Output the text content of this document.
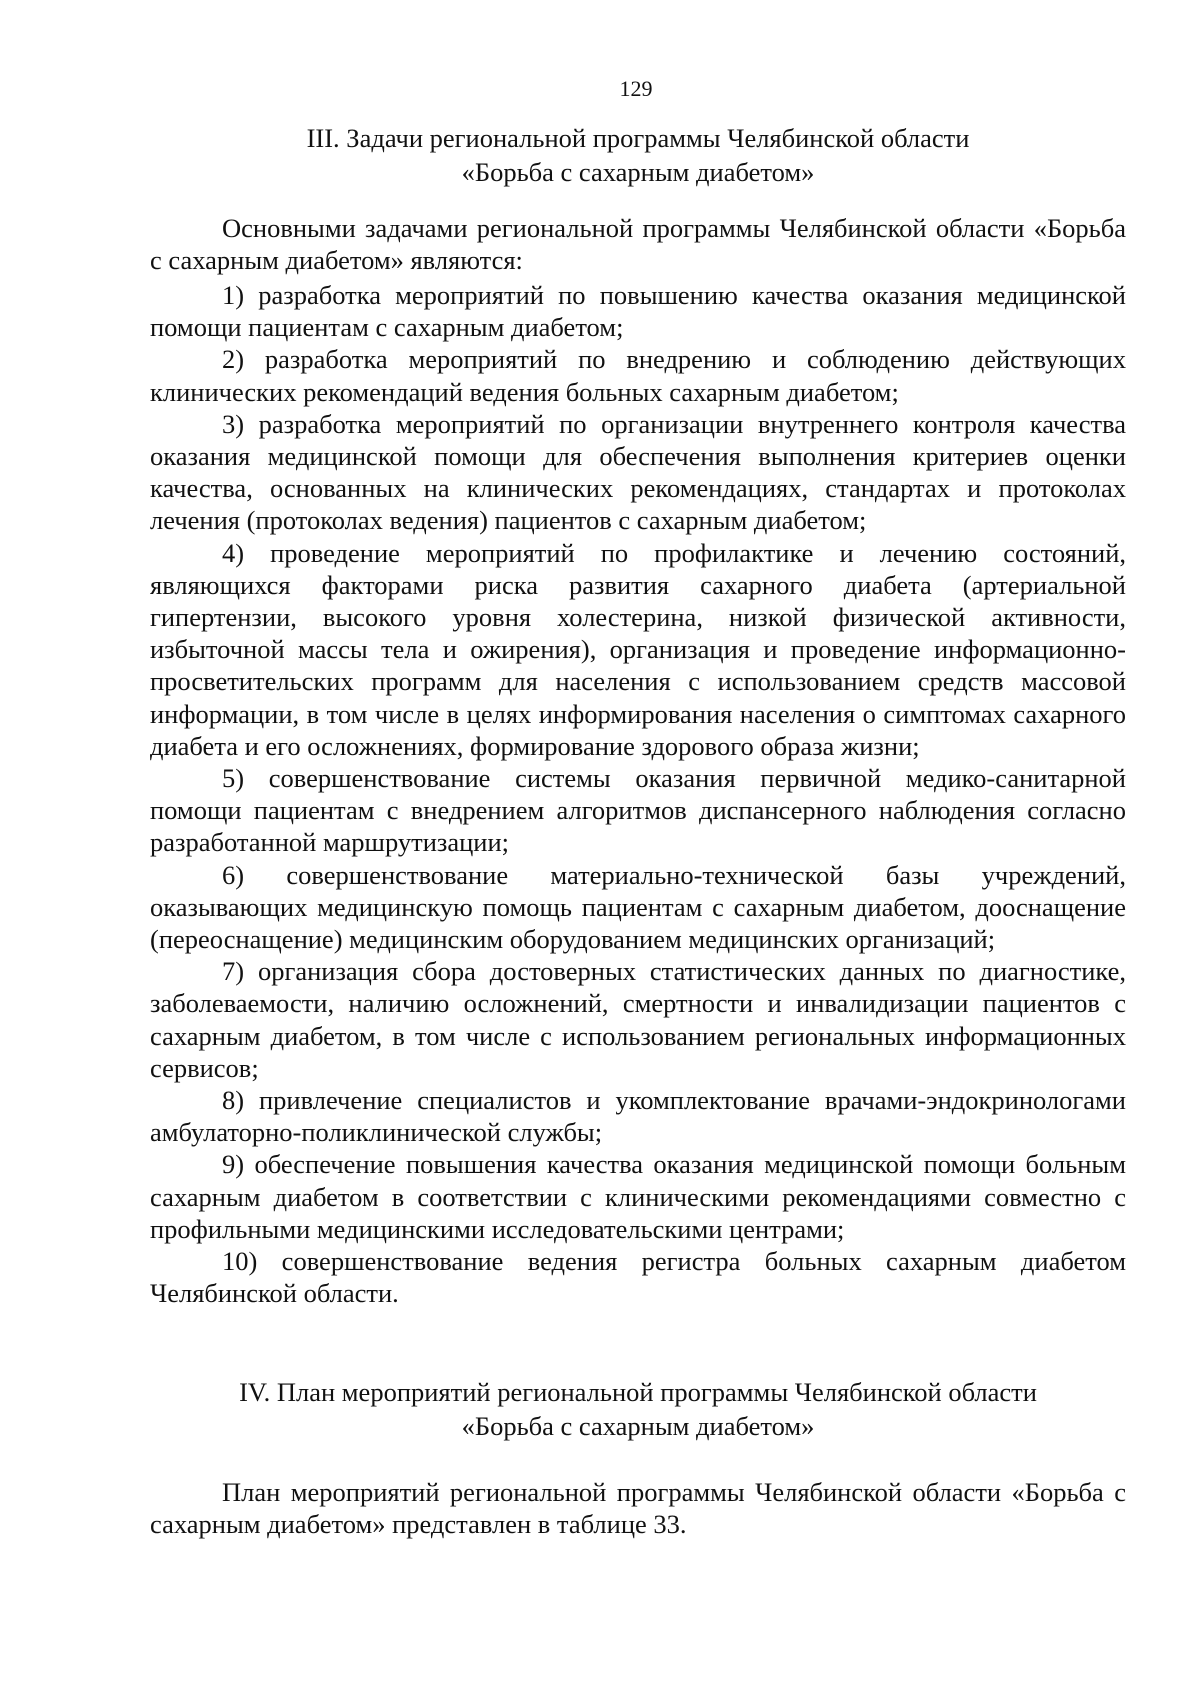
129
III. Задачи региональной программы Челябинской области
«Борьба с сахарным диабетом»

Основными задачами региональной программы Челябинской области «Борьба с сахарным диабетом» являются:

1) разработка мероприятий по повышению качества оказания медицинской помощи пациентам с сахарным диабетом;

2) разработка мероприятий по внедрению и соблюдению действующих клинических рекомендаций ведения больных сахарным диабетом;

3) разработка мероприятий по организации внутреннего контроля качества оказания медицинской помощи для обеспечения выполнения критериев оценки качества, основанных на клинических рекомендациях, стандартах и протоколах лечения (протоколах ведения) пациентов с сахарным диабетом;

4) проведение мероприятий по профилактике и лечению состояний, являющихся факторами риска развития сахарного диабета (артериальной гипертензии, высокого уровня холестерина, низкой физической активности, избыточной массы тела и ожирения), организация и проведение информационно-просветительских программ для населения с использованием средств массовой информации, в том числе в целях информирования населения о симптомах сахарного диабета и его осложнениях, формирование здорового образа жизни;

5) совершенствование системы оказания первичной медико-санитарной помощи пациентам с внедрением алгоритмов диспансерного наблюдения согласно разработанной маршрутизации;

6) совершенствование материально-технической базы учреждений, оказывающих медицинскую помощь пациентам с сахарным диабетом, дооснащение (переоснащение) медицинским оборудованием медицинских организаций;

7) организация сбора достоверных статистических данных по диагностике, заболеваемости, наличию осложнений, смертности и инвалидизации пациентов с сахарным диабетом, в том числе с использованием региональных информационных сервисов;

8) привлечение специалистов и укомплектование врачами-эндокринологами амбулаторно-поликлинической службы;

9) обеспечение повышения качества оказания медицинской помощи больным сахарным диабетом в соответствии с клиническими рекомендациями совместно с профильными медицинскими исследовательскими центрами;

10) совершенствование ведения регистра больных сахарным диабетом Челябинской области.

IV. План мероприятий региональной программы Челябинской области
«Борьба с сахарным диабетом»

План мероприятий региональной программы Челябинской области «Борьба с сахарным диабетом» представлен в таблице 33.
